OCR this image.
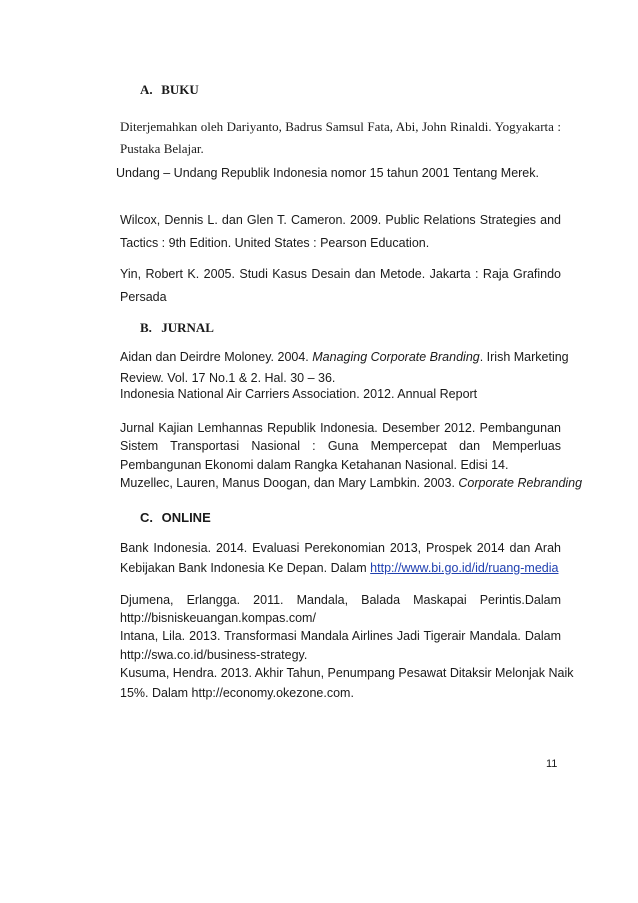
A. BUKU
Diterjemahkan oleh Dariyanto, Badrus Samsul Fata, Abi, John Rinaldi. Yogyakarta :
Pustaka Belajar.
Undang – Undang Republik Indonesia nomor 15 tahun 2001 Tentang Merek.
Wilcox, Dennis L. dan Glen T. Cameron. 2009. Public Relations Strategies and
Tactics : 9th Edition. United States : Pearson Education.
Yin, Robert K. 2005. Studi Kasus Desain dan Metode. Jakarta : Raja Grafindo
Persada
B. JURNAL
Aidan dan Deirdre Moloney. 2004. Managing Corporate Branding. Irish Marketing
Review. Vol. 17 No.1 & 2. Hal. 30 – 36.
Indonesia National Air Carriers Association. 2012. Annual Report
Jurnal Kajian Lemhannas Republik Indonesia. Desember 2012. Pembangunan
Sistem Transportasi Nasional : Guna Mempercepat dan Memperluas
Pembangunan Ekonomi dalam Rangka Ketahanan Nasional. Edisi 14.
Muzellec, Lauren, Manus Doogan, dan Mary Lambkin. 2003. Corporate Rebranding
C. ONLINE
Bank Indonesia. 2014. Evaluasi Perekonomian 2013, Prospek 2014 dan Arah
Kebijakan Bank Indonesia Ke Depan. Dalam http://www.bi.go.id/id/ruang-media
Djumena, Erlangga. 2011. Mandala, Balada Maskapai Perintis.Dalam
http://bisniskeuangan.kompas.com/
Intana, Lila. 2013. Transformasi Mandala Airlines Jadi Tigerair Mandala. Dalam
http://swa.co.id/business-strategy.
Kusuma, Hendra. 2013. Akhir Tahun, Penumpang Pesawat Ditaksir Melonjak Naik
15%. Dalam http://economy.okezone.com.
11
